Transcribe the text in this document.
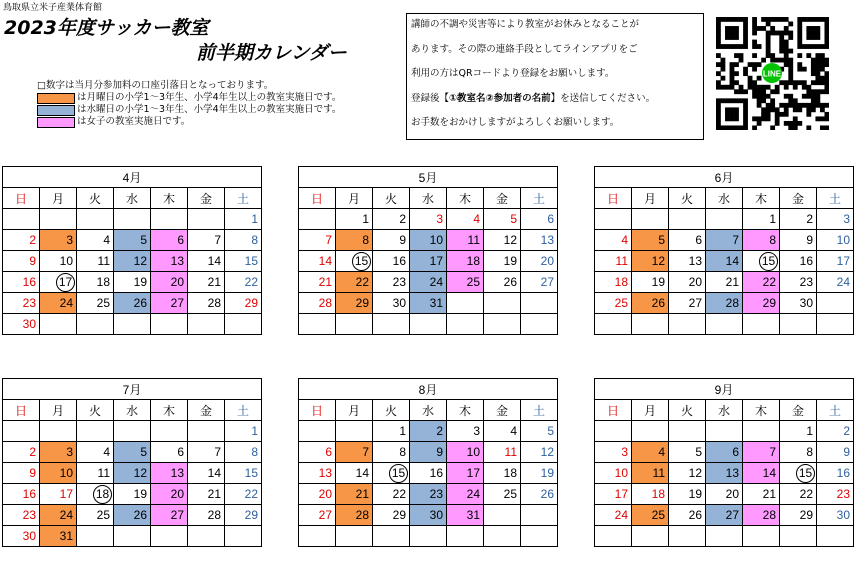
鳥取県立米子産業体育館
2023年度サッカー教室
前半期カレンダー
□数字 は当月分参加料の口座引落日となっております。
は月曜日の小学1～3年生、小学4年生以上の教室実施日です。
は水曜日の小学1～3年生、小学4年生以上の教室実施日です。
は女子の教室実施日です。
講師の不調や災害等により教室がお休みとなることが
あります。その際の連絡手段としてラインアプリをご
利用の方はQRコードより登録をお願いします。
登録後【①教室名②参加者の名前】を送信してください。
お手数をおかけしますがよろしくお願いします。
LINE
4月						
日	月	火	水	木	金	土
						1
2	3	4	5	6	7	8
9	10	11	12	13	14	15
16	17	18	19	20	21	22
23	24	25	26	27	28	29
30						
5月						
日	月	火	水	木	金	土
	1	2	3	4	5	6
7	8	9	10	11	12	13
14	15	16	17	18	19	20
21	22	23	24	25	26	27
28	29	30	31			

6月						
日	月	火	水	木	金	土
				1	2	3
4	5	6	7	8	9	10
11	12	13	14	15	16	17
18	19	20	21	22	23	24
25	26	27	28	29	30	

7月						
日	月	火	水	木	金	土
						1
2	3	4	5	6	7	8
9	10	11	12	13	14	15
16	17	18	19	20	21	22
23	24	25	26	27	28	29
30	31					
8月						
日	月	火	水	木	金	土
		1	2	3	4	5
6	7	8	9	10	11	12
13	14	15	16	17	18	19
20	21	22	23	24	25	26
27	28	29	30	31		

9月						
日	月	火	水	木	金	土
					1	2
3	4	5	6	7	8	9
10	11	12	13	14	15	16
17	18	19	20	21	22	23
24	25	26	27	28	29	30
